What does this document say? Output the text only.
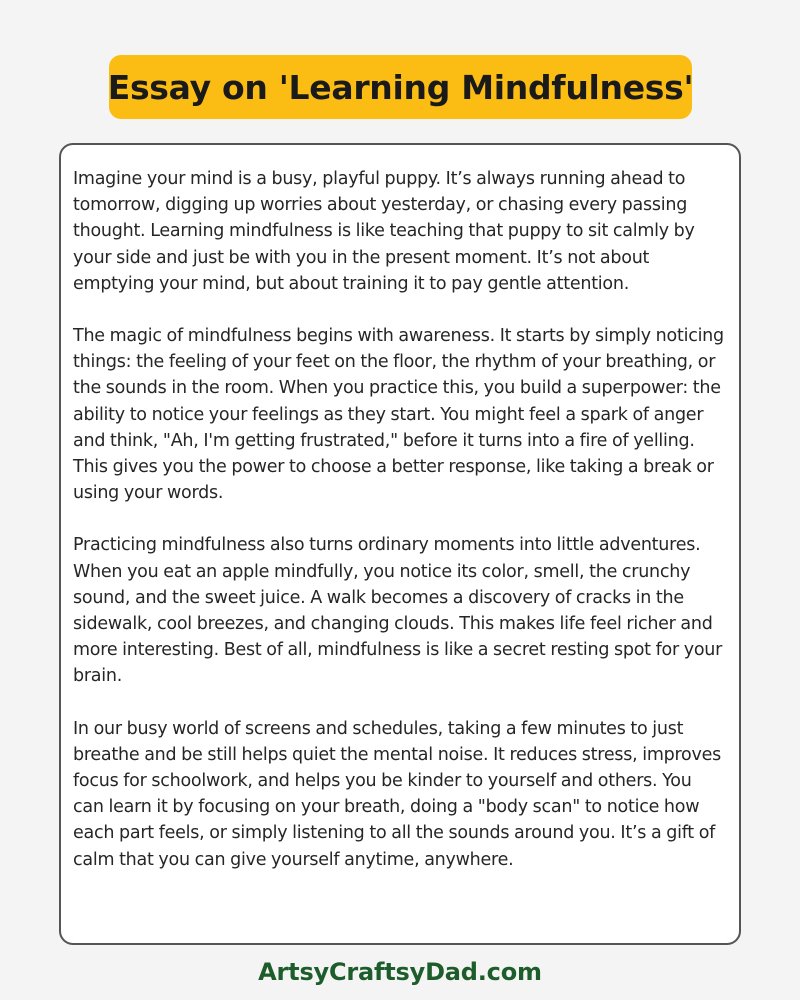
Essay on 'Learning Mindfulness'

Imagine your mind is a busy, playful puppy. It’s always running ahead to tomorrow, digging up worries about yesterday, or chasing every passing thought. Learning mindfulness is like teaching that puppy to sit calmly by your side and just be with you in the present moment. It’s not about emptying your mind, but about training it to pay gentle attention.

The magic of mindfulness begins with awareness. It starts by simply noticing things: the feeling of your feet on the floor, the rhythm of your breathing, or the sounds in the room. When you practice this, you build a superpower: the ability to notice your feelings as they start. You might feel a spark of anger and think, "Ah, I'm getting frustrated," before it turns into a fire of yelling. This gives you the power to choose a better response, like taking a break or using your words.

Practicing mindfulness also turns ordinary moments into little adventures. When you eat an apple mindfully, you notice its color, smell, the crunchy sound, and the sweet juice. A walk becomes a discovery of cracks in the sidewalk, cool breezes, and changing clouds. This makes life feel richer and more interesting. Best of all, mindfulness is like a secret resting spot for your brain.

In our busy world of screens and schedules, taking a few minutes to just breathe and be still helps quiet the mental noise. It reduces stress, improves focus for schoolwork, and helps you be kinder to yourself and others. You can learn it by focusing on your breath, doing a "body scan" to notice how each part feels, or simply listening to all the sounds around you. It’s a gift of calm that you can give yourself anytime, anywhere.

ArtsyCraftsyDad.com
